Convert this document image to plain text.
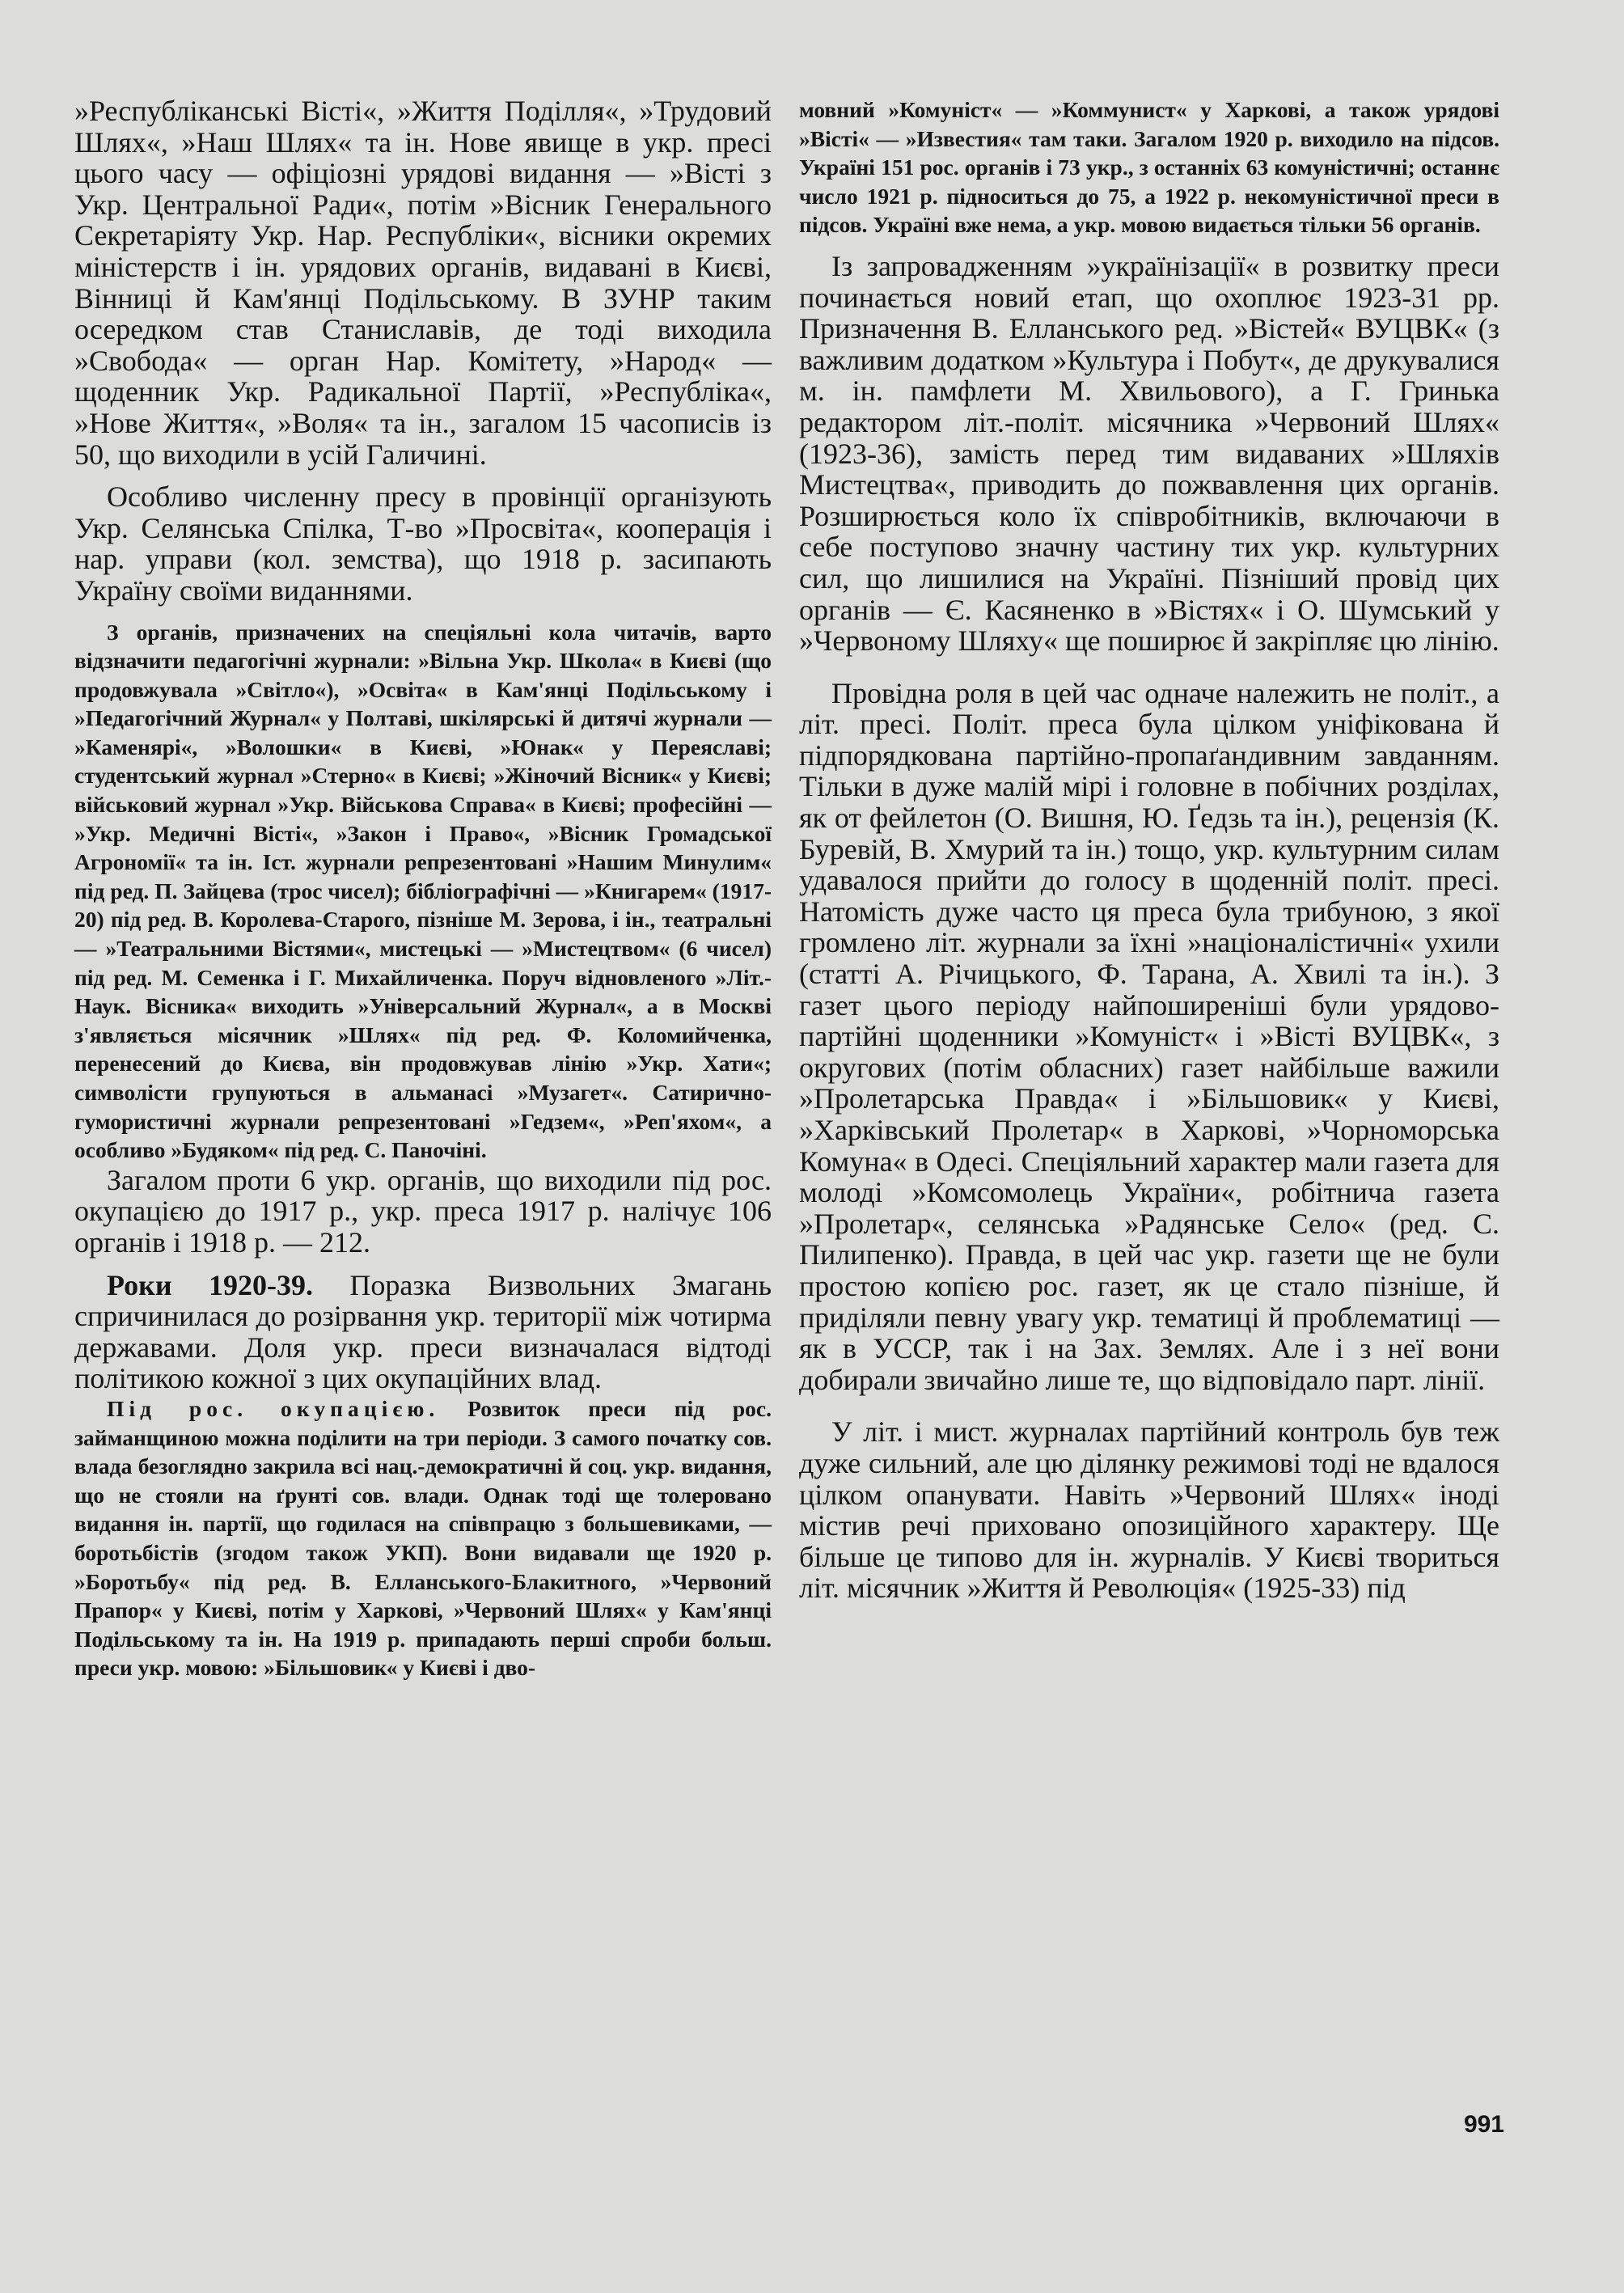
»Республіканські Вісті«, »Життя Поділля«, »Трудовий Шлях«, »Наш Шлях« та ін. Нове явище в укр. пресі цього часу — офіціозні урядові видання — »Вісті з Укр. Центральної Ради«, потім »Вісник Генерального Секретаріяту Укр. Нар. Республіки«, вісники окремих міністерств і ін. урядових органів, видавані в Києві, Вінниці й Кам'янці Подільському. В ЗУНР таким осередком став Станиславів, де тоді виходила »Свобода« — орган Нар. Комітету, »Народ« — щоденник Укр. Радикальної Партії, »Республіка«, »Нове Життя«, »Воля« та ін., загалом 15 часописів із 50, що виходили в усій Галичині.

Особливо численну пресу в провінції організують Укр. Селянська Спілка, Т-во »Просвіта«, кооперація і нар. управи (кол. земства), що 1918 р. засипають Україну своїми виданнями.

З органів, призначених на спеціяльні кола читачів, варто відзначити педагогічні журнали: »Вільна Укр. Школа« в Києві (що продовжувала »Світло«), »Освіта« в Кам'янці Подільському і »Педагогічний Журнал« у Полтаві, шкілярські й дитячі журнали — »Каменярі«, »Волошки« в Києві, »Юнак« у Переяславі; студентський журнал »Стерно« в Києві; »Жіночий Вісник« у Києві; військовий журнал »Укр. Військова Справа« в Києві; професійні — »Укр. Медичні Вісті«, »Закон і Право«, »Вісник Громадської Агрономії« та ін. Іст. журнали репрезентовані »Нашим Минулим« під ред. П. Зайцева (трос чисел); бібліографічні — »Книгарем« (1917-20) під ред. В. Королева-Старого, пізніше М. Зерова, і ін., театральні — »Театральними Вістями«, мистецькі — »Мистецтвом« (6 чисел) під ред. М. Семенка і Г. Михайличенка. Поруч відновленого »Літ.-Наук. Вісника« виходить »Універсальний Журнал«, а в Москві з'являється місячник »Шлях« під ред. Ф. Коломийченка, перенесений до Києва, він продовжував лінію »Укр. Хати«; символісти групуються в альманасі »Музагет«. Сатирично-гумористичні журнали репрезентовані »Гедзем«, »Реп'яхом«, а особливо »Будяком« під ред. С. Паночіні.

Загалом проти 6 укр. органів, що виходили під рос. окупацією до 1917 р., укр. преса 1917 р. налічує 106 органів і 1918 р. — 212.

Роки 1920-39. Поразка Визвольних Змагань спричинилася до розірвання укр. території між чотирма державами. Доля укр. преси визначалася відтоді політикою кожної з цих окупаційних влад.

Під рос. окупацією. Розвиток преси під рос. займанщиною можна поділити на три періоди. З самого початку сов. влада безоглядно закрила всі нац.-демократичні й соц. укр. видання, що не стояли на ґрунті сов. влади. Однак тоді ще толеровано видання ін. партії, що годилася на співпрацю з большевиками, — боротьбістів (згодом також УКП). Вони видавали ще 1920 р. »Боротьбу« під ред. В. Елланського-Блакитного, »Червоний Прапор« у Києві, потім у Харкові, »Червоний Шлях« у Кам'янці Подільському та ін. На 1919 р. припадають перші спроби больш. преси укр. мовою: »Більшовик« у Києві і дво-

мовний »Комуніст« — »Коммунист« у Харкові, а також урядові »Вісті« — »Известия« там таки. Загалом 1920 р. виходило на підсов. Україні 151 рос. органів і 73 укр., з останніх 63 комуністичні; останнє число 1921 р. підноситься до 75, а 1922 р. некомуністичної преси в підсов. Україні вже нема, а укр. мовою видається тільки 56 органів.

Із запровадженням »українізації« в розвитку преси починається новий етап, що охоплює 1923-31 рр. Призначення В. Елланського ред. »Вістей« ВУЦВК« (з важливим додатком »Культура і Побут«, де друкувалися м. ін. памфлети М. Хвильового), а Г. Гринька редактором літ.-політ. місячника »Червоний Шлях« (1923-36), замість перед тим видаваних »Шляхів Мистецтва«, приводить до пожвавлення цих органів. Розширюється коло їх співробітників, включаючи в себе поступово значну частину тих укр. культурних сил, що лишилися на Україні. Пізніший провід цих органів — Є. Касяненко в »Вістях« і О. Шумський у »Червоному Шляху« ще поширює й закріпляє цю лінію.

Провідна роля в цей час одначе належить не політ., а літ. пресі. Політ. преса була цілком уніфікована й підпорядкована партійно-пропаґандивним завданням. Тільки в дуже малій мірі і головне в побічних розділах, як от фейлетон (О. Вишня, Ю. Ґедзь та ін.), рецензія (К. Буревій, В. Хмурий та ін.) тощо, укр. культурним силам удавалося прийти до голосу в щоденній політ. пресі. Натомість дуже часто ця преса була трибуною, з якої громлено літ. журнали за їхні »націоналістичні« ухили (статті А. Річицького, Ф. Тарана, А. Хвилі та ін.). З газет цього періоду найпоширеніші були урядово-партійні щоденники »Комуніст« і »Вісті ВУЦВК«, з округових (потім обласних) газет найбільше важили »Пролетарська Правда« і »Більшовик« у Києві, »Харківський Пролетар« в Харкові, »Чорноморська Комуна« в Одесі. Спеціяльний характер мали газета для молоді »Комсомолець України«, робітнича газета »Пролетар«, селянська »Радянське Село« (ред. С. Пилипенко). Правда, в цей час укр. газети ще не були простою копією рос. газет, як це стало пізніше, й приділяли певну увагу укр. тематиці й проблематиці — як в УССР, так і на Зах. Землях. Але і з неї вони добирали звичайно лише те, що відповідало парт. лінії.

У літ. і мист. журналах партійний контроль був теж дуже сильний, але цю ділянку режимові тоді не вдалося цілком опанувати. Навіть »Червоний Шлях« іноді містив речі приховано опозиційного характеру. Ще більше це типово для ін. журналів. У Києві твориться літ. місячник »Життя й Революція« (1925-33) під

991
